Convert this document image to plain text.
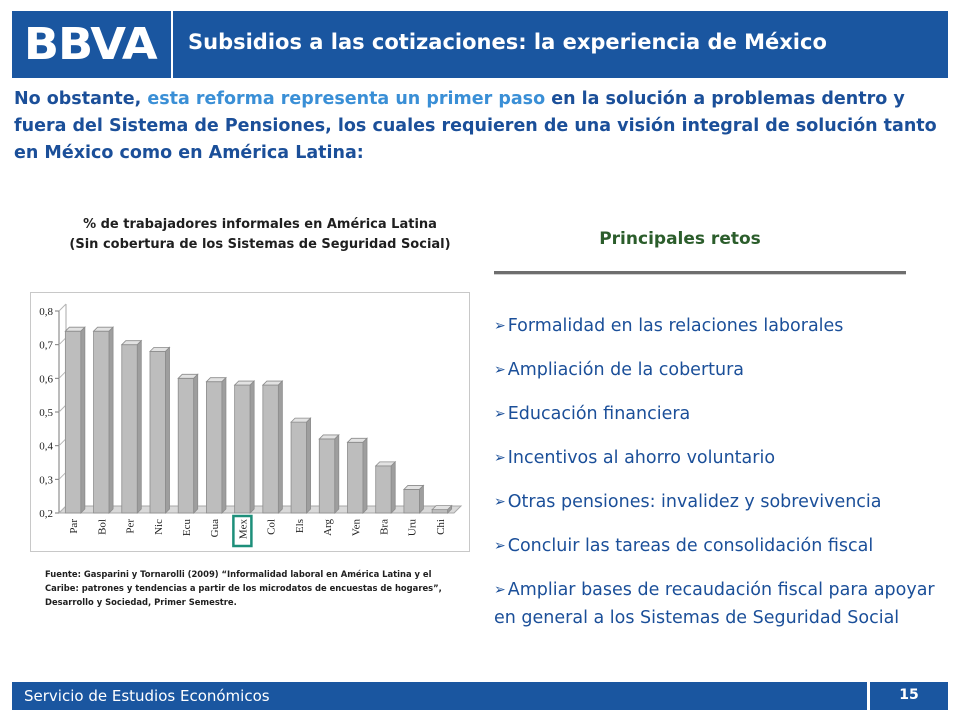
BBVA Subsidios a las cotizaciones: la experiencia de México
No obstante, esta reforma representa un primer paso en la solución a problemas dentro y fuera del Sistema de Pensiones, los cuales requieren de una visión integral de solución tanto en México como en América Latina:
% de trabajadores informales en América Latina
(Sin cobertura de los Sistemas de Seguridad Social)
0,2
0,3
0,4
0,5
0,6
0,7
0,8
Par Bol Per Nic Ecu Gua Mex Col Els Arg Ven Bra Uru Chi
Fuente: Gasparini y Tornarolli (2009) “Informalidad laboral en América Latina y el Caribe: patrones y tendencias a partir de los microdatos de encuestas de hogares”, Desarrollo y Sociedad, Primer Semestre.
Principales retos
➢ Formalidad en las relaciones laborales
➢ Ampliación de la cobertura
➢ Educación financiera
➢ Incentivos al ahorro voluntario
➢ Otras pensiones: invalidez y sobrevivencia
➢ Concluir las tareas de consolidación fiscal
➢ Ampliar bases de recaudación fiscal para apoyar en general a los Sistemas de Seguridad Social
Servicio de Estudios Económicos	15
